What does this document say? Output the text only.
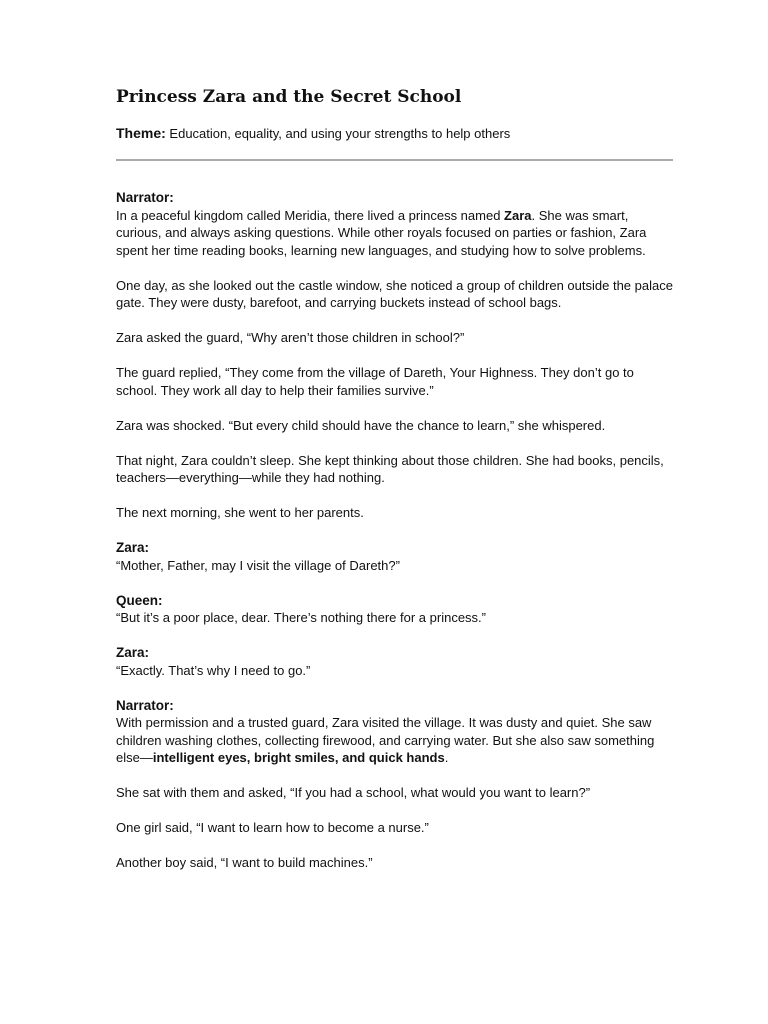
Princess Zara and the Secret School
Theme: Education, equality, and using your strengths to help others

Narrator:
In a peaceful kingdom called Meridia, there lived a princess named Zara. She was smart, curious, and always asking questions. While other royals focused on parties or fashion, Zara spent her time reading books, learning new languages, and studying how to solve problems.

One day, as she looked out the castle window, she noticed a group of children outside the palace gate. They were dusty, barefoot, and carrying buckets instead of school bags.

Zara asked the guard, “Why aren’t those children in school?”

The guard replied, “They come from the village of Dareth, Your Highness. They don’t go to school. They work all day to help their families survive.”

Zara was shocked. “But every child should have the chance to learn,” she whispered.

That night, Zara couldn’t sleep. She kept thinking about those children. She had books, pencils, teachers—everything—while they had nothing.

The next morning, she went to her parents.

Zara:
“Mother, Father, may I visit the village of Dareth?”

Queen:
“But it’s a poor place, dear. There’s nothing there for a princess.”

Zara:
“Exactly. That’s why I need to go.”

Narrator:
With permission and a trusted guard, Zara visited the village. It was dusty and quiet. She saw children washing clothes, collecting firewood, and carrying water. But she also saw something else—intelligent eyes, bright smiles, and quick hands.

She sat with them and asked, “If you had a school, what would you want to learn?”

One girl said, “I want to learn how to become a nurse.”

Another boy said, “I want to build machines.”
